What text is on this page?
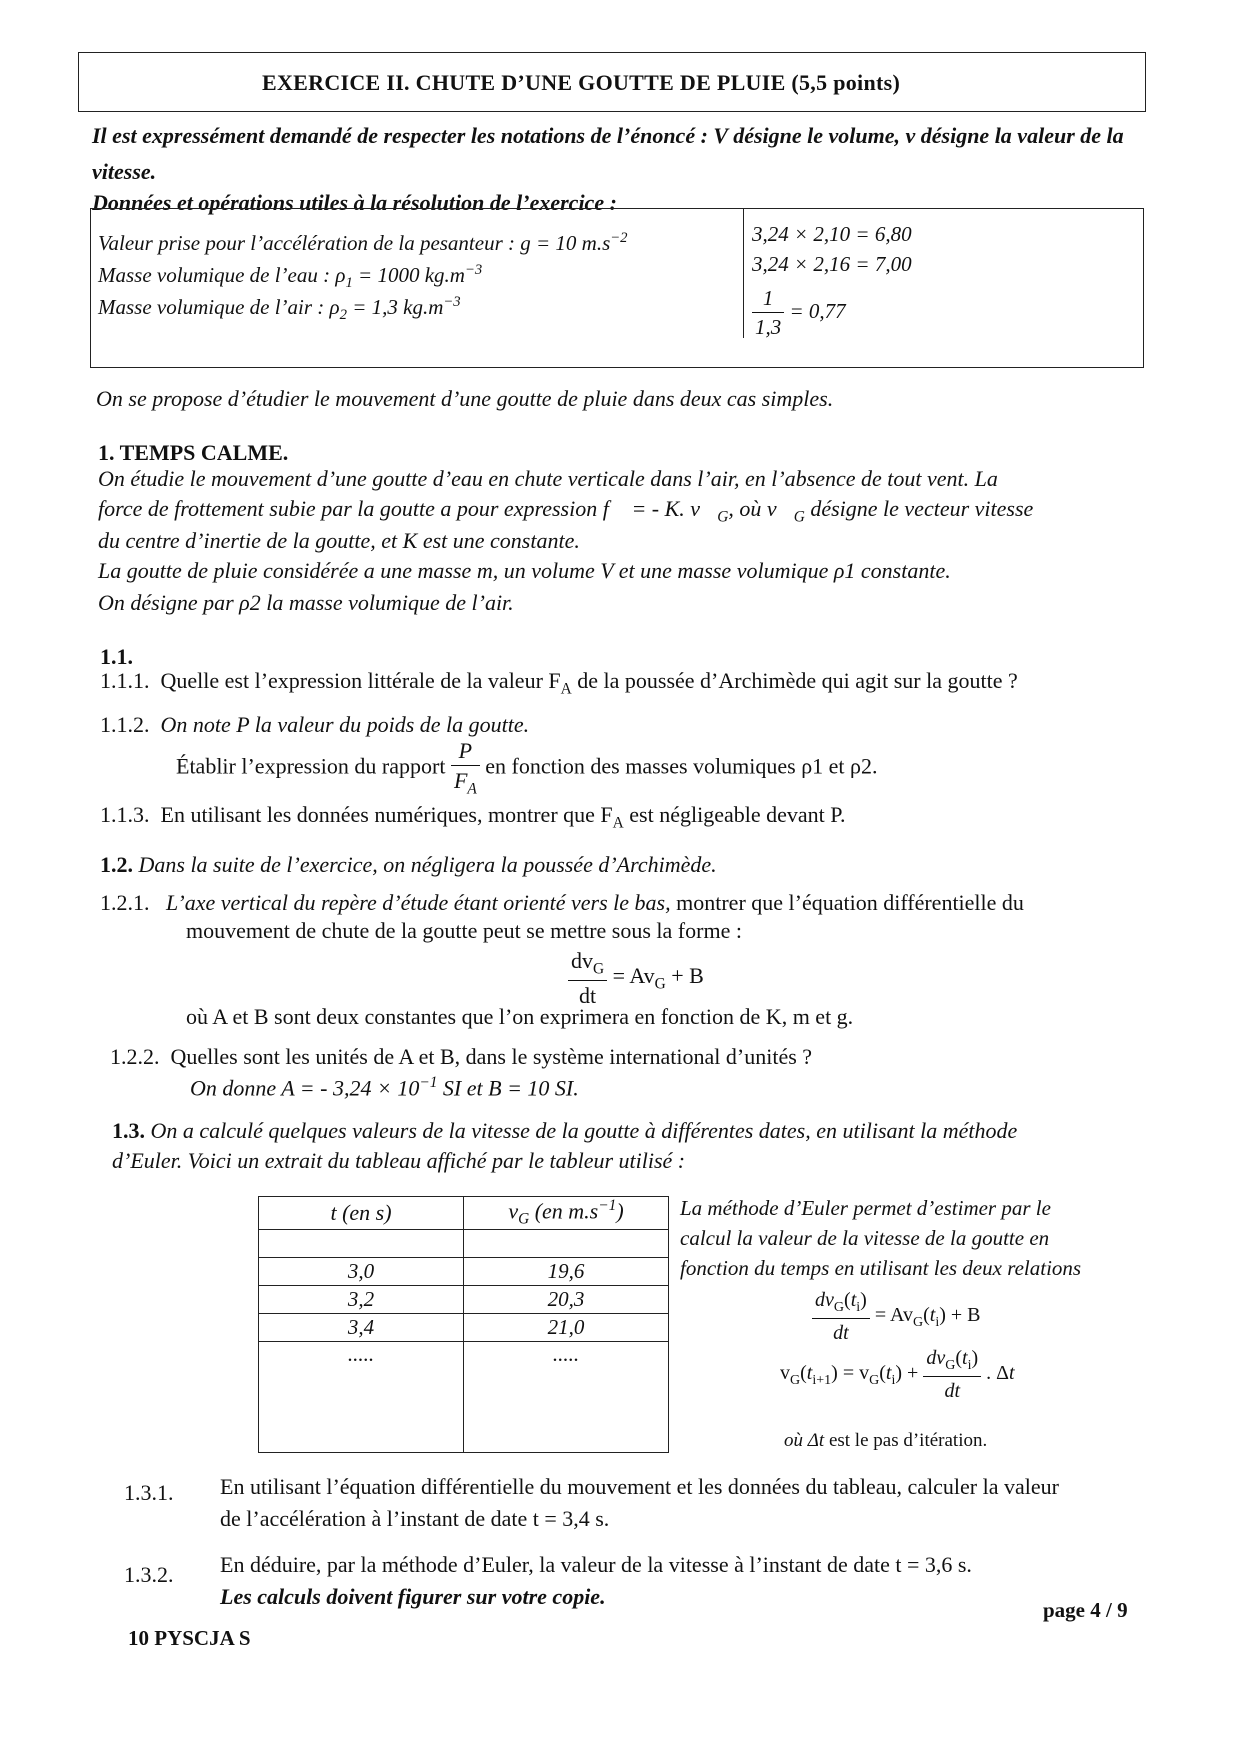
EXERCICE II. CHUTE D’UNE GOUTTE DE PLUIE (5,5 points)
Il est expressément demandé de respecter les notations de l’énoncé : V désigne le volume, v désigne la valeur de la vitesse.
Données et opérations utiles à la résolution de l’exercice :
Valeur prise pour l’accélération de la pesanteur : g = 10 $m.s^{-2}$
Masse volumique de l’eau : $\rho_1 = 1000$ $kg.m^{-3}$
Masse volumique de l’air : $\rho_2 = 1,3$ $kg.m^{-3}$
3,24 × 2,10 = 6,80
3,24 × 2,16 = 7,00
$\frac{1}{1,3} = 0,77$
On se propose d’étudier le mouvement d’une goutte de pluie dans deux cas simples.
1. TEMPS CALME.
On étudie le mouvement d’une goutte d’eau en chute verticale dans l’air, en l’absence de tout vent. La
force de frottement subie par la goutte a pour expression f⃗ = - K. $v⃗_G$, où $v⃗_G$ désigne le vecteur vitesse
du centre d’inertie de la goutte, et K est une constante.
La goutte de pluie considérée a une masse m, un volume V et une masse volumique ρ1 constante.
On désigne par ρ2 la masse volumique de l’air.
1.1.
1.1.1. Quelle est l’expression littérale de la valeur $F_A$ de la poussée d’Archimède qui agit sur la goutte ?
1.1.2. On note P la valeur du poids de la goutte.
Établir l’expression du rapport $\frac{P}{F_A}$ en fonction des masses volumiques ρ1 et ρ2.
1.1.3. En utilisant les données numériques, montrer que $F_A$ est négligeable devant P.
1.2. Dans la suite de l’exercice, on négligera la poussée d’Archimède.
1.2.1. L’axe vertical du repère d’étude étant orienté vers le bas, montrer que l’équation différentielle du
mouvement de chute de la goutte peut se mettre sous la forme :
$\frac{dv_G}{dt} = Av_G + B$
où A et B sont deux constantes que l’on exprimera en fonction de K, m et g.
1.2.2. Quelles sont les unités de A et B, dans le système international d’unités ?
On donne A = - $3,24 \times 10^{-1}$ SI et B = 10 SI.
1.3. On a calculé quelques valeurs de la vitesse de la goutte à différentes dates, en utilisant la méthode
d’Euler. Voici un extrait du tableau affiché par le tableur utilisé :
t (en s)	$v_G$ (en $m.s^{-1}$)

3,0	19,6
3,2	20,3
3,4	21,0
.....	.....
La méthode d’Euler permet d’estimer par le
calcul la valeur de la vitesse de la goutte en
fonction du temps en utilisant les deux relations
$\frac{dv_G(t_i)}{dt} = Av_G(t_i) + B$
$v_G(t_{i+1}) = v_G(t_i) + \frac{dv_G(t_i)}{dt}$ . Δt
où Δt est le pas d’itération.
1.3.1. En utilisant l’équation différentielle du mouvement et les données du tableau, calculer la valeur
de l’accélération à l’instant de date t = 3,4 s.
1.3.2. En déduire, par la méthode d’Euler, la valeur de la vitesse à l’instant de date t = 3,6 s.
Les calculs doivent figurer sur votre copie.
page 4 / 9
10 PYSCJA S
